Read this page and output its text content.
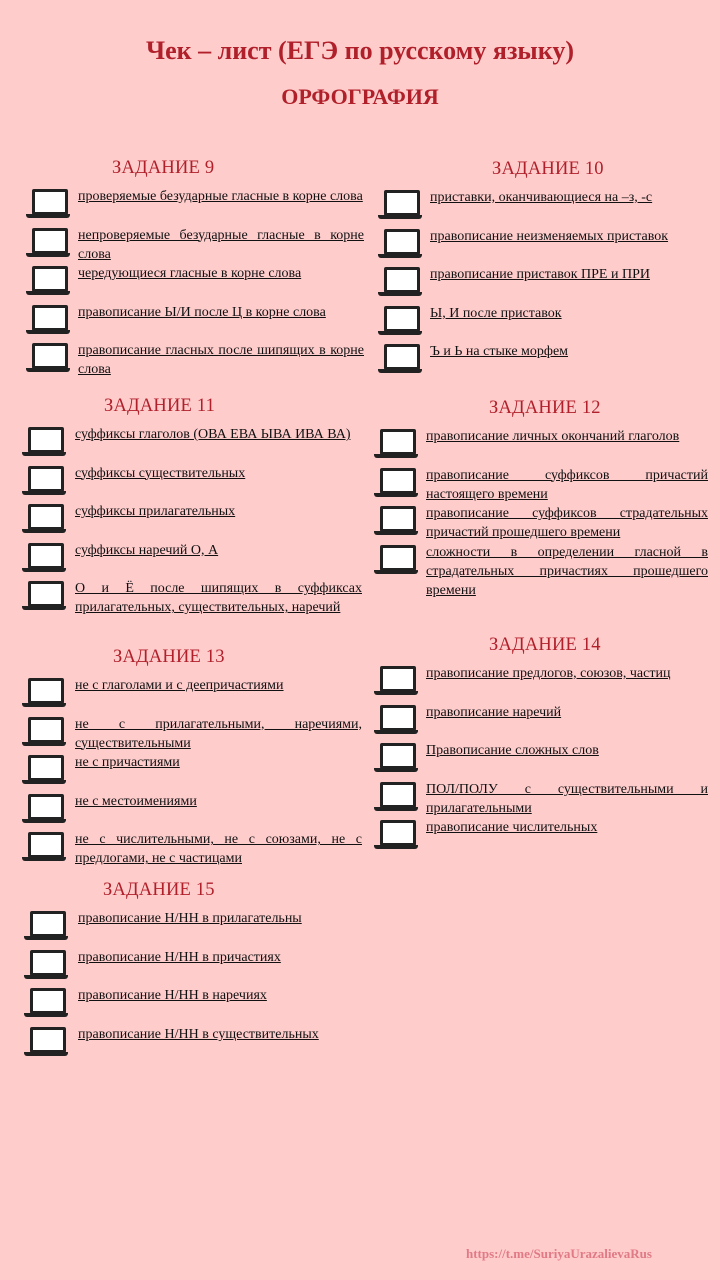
Чек – лист (ЕГЭ по русскому языку)
ОРФОГРАФИЯ
ЗАДАНИЕ 9
проверяемые безударные гласные в корне слова
непроверяемые безударные гласные в корне слова
чередующиеся гласные в корне слова
правописание Ы/И после Ц в корне слова
правописание гласных после шипящих в корне слова
ЗАДАНИЕ 10
приставки, оканчивающиеся на –з, -с
правописание неизменяемых приставок
правописание приставок ПРЕ и ПРИ
Ы, И после приставок
Ъ и Ь на стыке морфем
ЗАДАНИЕ 11
суффиксы глаголов (ОВА ЕВА ЫВА ИВА ВА)
суффиксы существительных
суффиксы прилагательных
суффиксы наречий О, А
О и Ё после шипящих в суффиксах прилагательных, существительных, наречий
ЗАДАНИЕ 12
правописание личных окончаний глаголов
правописание суффиксов причастий настоящего времени
правописание суффиксов страдательных причастий прошедшего времени
сложности в определении гласной в страдательных причастиях прошедшего времени
ЗАДАНИЕ 13
не с глаголами и с деепричастиями
не с прилагательными, наречиями, существительными
не с причастиями
не с местоимениями
не с числительными, не с союзами, не с предлогами, не с частицами
ЗАДАНИЕ 14
правописание предлогов, союзов, частиц
правописание наречий
Правописание сложных слов
ПОЛ/ПОЛУ с существительными и прилагательными
правописание числительных
ЗАДАНИЕ 15
правописание Н/НН в прилагательны
правописание Н/НН в причастиях
правописание Н/НН в наречиях
правописание Н/НН в существительных
https://t.me/SuriyaUrazalievaRus
